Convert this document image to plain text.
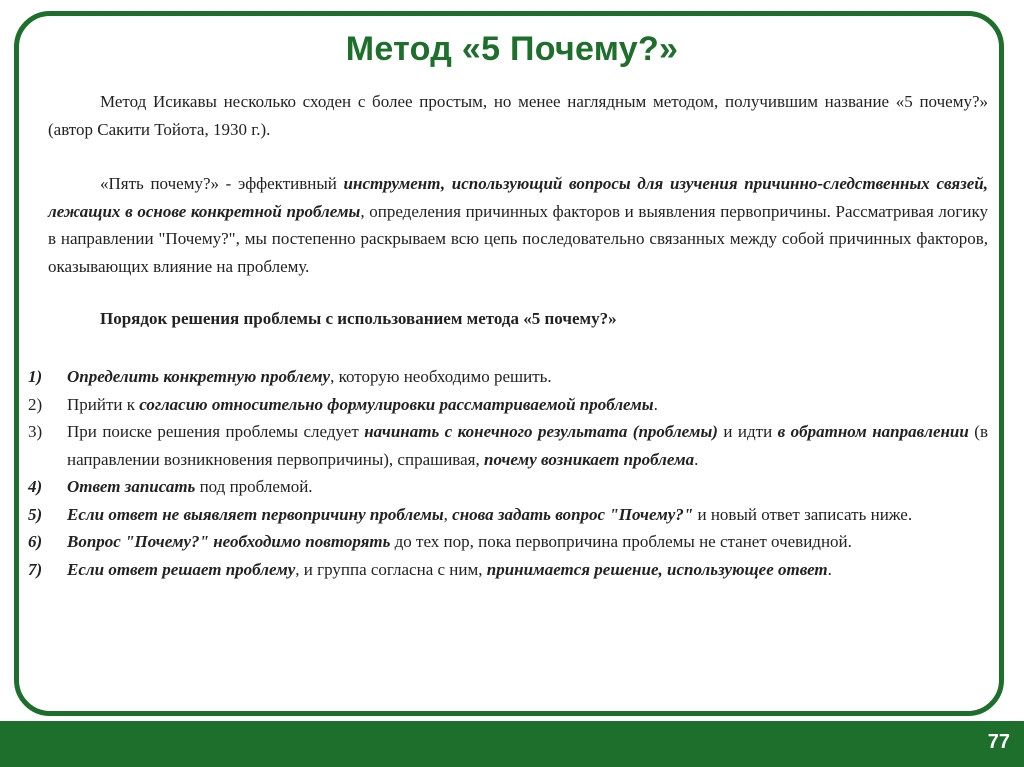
Метод «5 Почему?»

Метод Исикавы несколько сходен с более простым, но менее наглядным методом, получившим название «5 почему?» (автор Сакити Тойота, 1930 г.).

«Пять почему?» - эффективный инструмент, использующий вопросы для изучения причинно-следственных связей, лежащих в основе конкретной проблемы, определения причинных факторов и выявления первопричины. Рассматривая логику в направлении "Почему?", мы постепенно раскрываем всю цепь последовательно связанных между собой причинных факторов, оказывающих влияние на проблему.

Порядок решения проблемы с использованием метода «5 почему?»

1)	Определить конкретную проблему, которую необходимо решить.

2)	Прийти к согласию относительно формулировки рассматриваемой проблемы.

3)	При поиске решения проблемы следует начинать с конечного результата (проблемы) и идти в обратном направлении (в направлении возникновения первопричины), спрашивая, почему возникает проблема.

4)	Ответ записать под проблемой.

5)	Если ответ не выявляет первопричину проблемы, снова задать вопрос "Почему?" и новый ответ записать ниже.

6)	Вопрос "Почему?" необходимо повторять до тех пор, пока первопричина проблемы не станет очевидной.

7)	Если ответ решает проблему, и группа согласна с ним, принимается решение, использующее ответ.

77
